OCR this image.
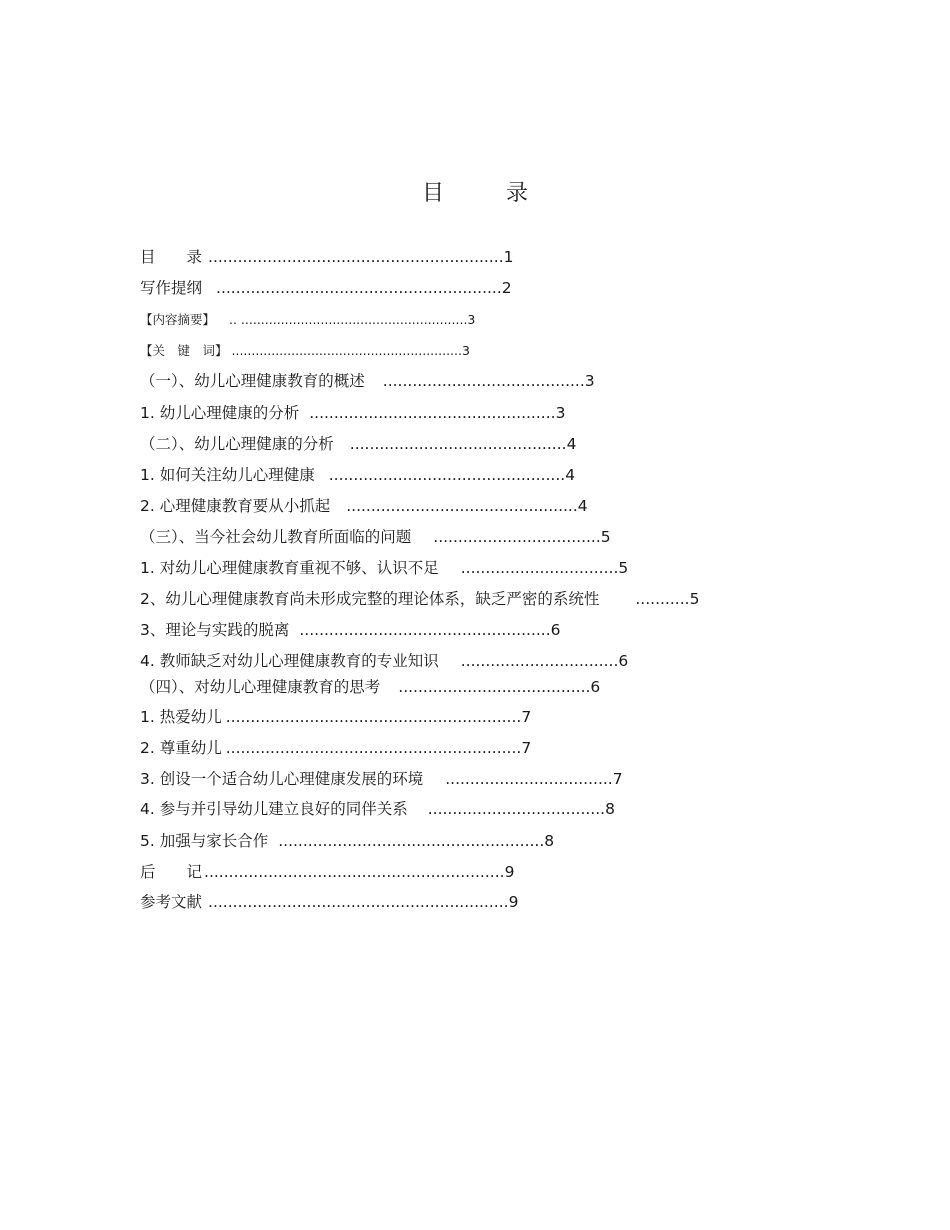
目	录
目　　录 ............................................................1
写作提纲 ..........................................................2
【内容摘要】 .. .........................................................3
【关　键　词】 ..........................................................3
（一）、幼儿心理健康教育的概述 .........................................3
1. 幼儿心理健康的分析 ..................................................3
（二）、幼儿心理健康的分析 ............................................4
1. 如何关注幼儿心理健康 ................................................4
2. 心理健康教育要从小抓起 ...............................................4
（三）、当今社会幼儿教育所面临的问题 ..................................5
1. 对幼儿心理健康教育重视不够、认识不足 ................................5
2、幼儿心理健康教育尚未形成完整的理论体系，缺乏严密的系统性 ...........5
3、理论与实践的脱离 ...................................................6
4. 教师缺乏对幼儿心理健康教育的专业知识 ................................6
（四）、对幼儿心理健康教育的思考 .......................................6
1. 热爱幼儿 ............................................................7
2. 尊重幼儿 ............................................................7
3. 创设一个适合幼儿心理健康发展的环境 ..................................7
4. 参与并引导幼儿建立良好的同伴关系 ....................................8
5. 加强与家长合作 ......................................................8
后　　记 .............................................................9
参考文献 .............................................................9
